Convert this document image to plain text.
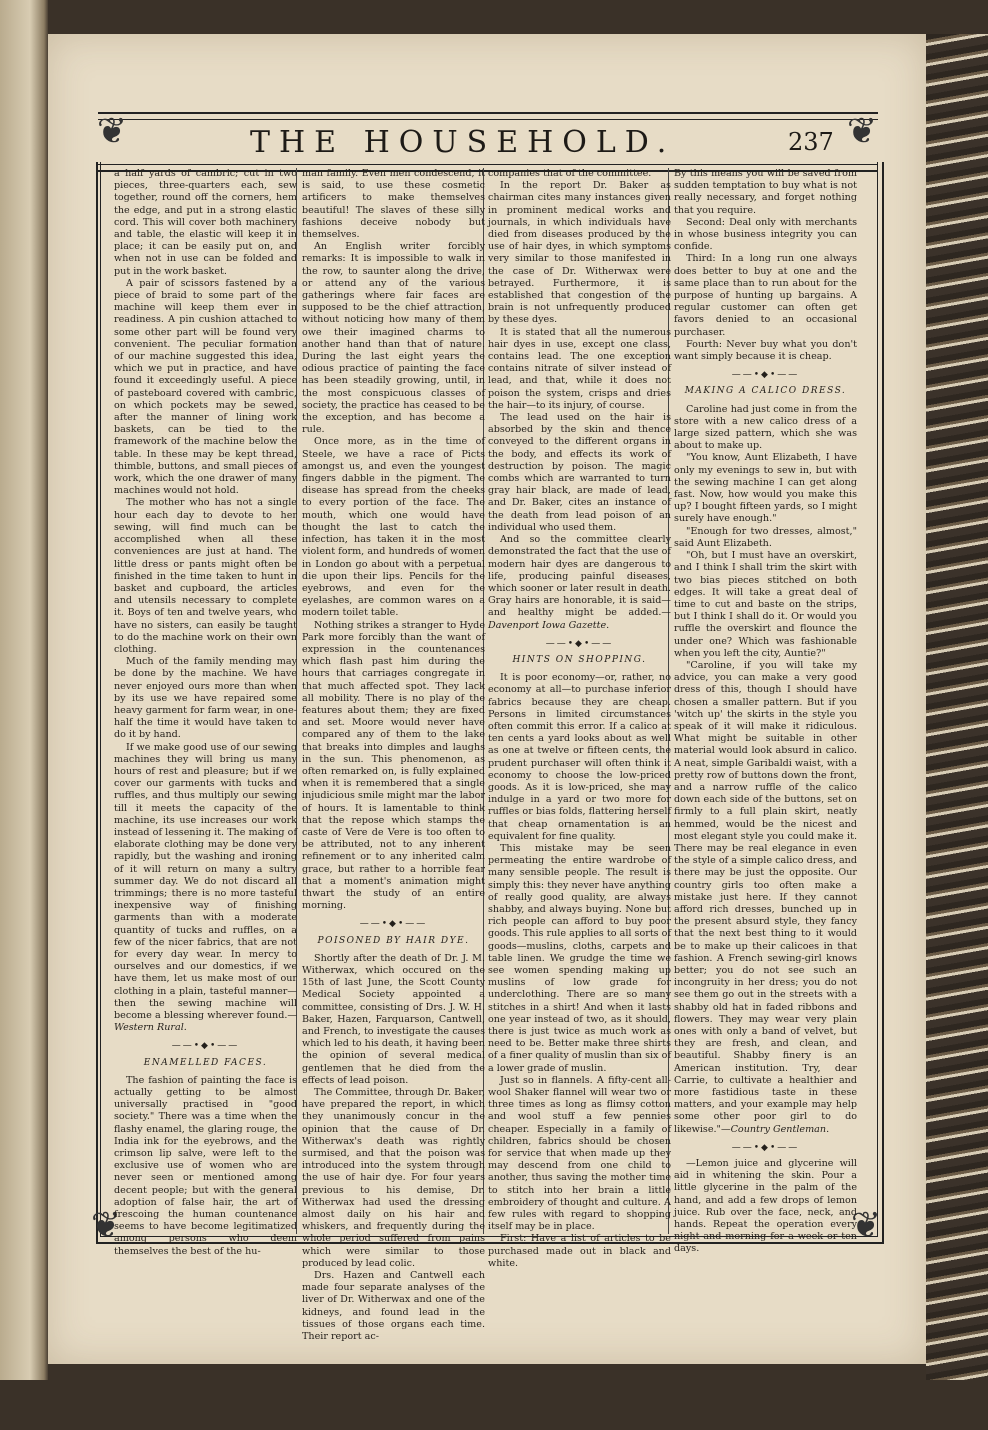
❦	❦
THE HOUSEHOLD.	237
❦	❦

a half yards of cambric; cut in two pieces, three-quarters each, sew together, round off the corners, hem the edge, and put in a strong elastic cord. This will cover both machinery and table, the elastic will keep it in place; it can be easily put on, and when not in use can be folded and put in the work basket.

A pair of scissors fastened by a piece of braid to some part of the machine will keep them ever in readiness. A pin cushion attached to some other part will be found very convenient. The peculiar formation of our machine suggested this idea, which we put in practice, and have found it exceedingly useful. A piece of pasteboard covered with cambric, on which pockets may be sewed, after the manner of lining work baskets, can be tied to the framework of the machine below the table. In these may be kept thread, thimble, buttons, and small pieces of work, which the one drawer of many machines would not hold.

The mother who has not a single hour each day to devote to her sewing, will find much can be accomplished when all these conveniences are just at hand. The little dress or pants might often be finished in the time taken to hunt in basket and cupboard, the articles and utensils necessary to complete it. Boys of ten and twelve years, who have no sisters, can easily be taught to do the machine work on their own clothing.

Much of the family mending may be done by the machine. We have never enjoyed ours more than when by its use we have repaired some heavy garment for farm wear, in one-half the time it would have taken to do it by hand.

If we make good use of our sewing machines they will bring us many hours of rest and pleasure; but if we cover our garments with tucks and ruffles, and thus multiply our sewing till it meets the capacity of the machine, its use increases our work instead of lessening it. The making of elaborate clothing may be done very rapidly, but the washing and ironing of it will return on many a sultry summer day. We do not discard all trimmings; there is no more tasteful inexpensive way of finishing garments than with a moderate quantity of tucks and ruffles, on a few of the nicer fabrics, that are not for every day wear. In mercy to ourselves and our domestics, if we have them, let us make most of our clothing in a plain, tasteful manner—then the sewing machine will become a blessing wherever found.—Western Rural.

——•◆•——
ENAMELLED FACES.

The fashion of painting the face is actually getting to be almost universally practised in "good society." There was a time when the flashy enamel, the glaring rouge, the India ink for the eyebrows, and the crimson lip salve, were left to the exclusive use of women who are never seen or mentioned among decent people; but with the general adoption of false hair, the art of frescoing the human countenance seems to have become legitimatized among persons who deem themselves the best of the hu-

man family. Even men condescend, it is said, to use these cosmetic artificers to make themselves beautiful! The slaves of these silly fashions deceive nobody but themselves.

An English writer forcibly remarks: It is impossible to walk in the row, to saunter along the drive, or attend any of the various gatherings where fair faces are supposed to be the chief attraction, without noticing how many of them owe their imagined charms to another hand than that of nature. During the last eight years the odious practice of painting the face has been steadily growing, until, in the most conspicuous classes of society, the practice has ceased to be the exception, and has become a rule.

Once more, as in the time of Steele, we have a race of Picts amongst us, and even the youngest fingers dabble in the pigment. The disease has spread from the cheeks to every portion of the face. The mouth, which one would have thought the last to catch the infection, has taken it in the most violent form, and hundreds of women in London go about with a perpetual die upon their lips. Pencils for the eyebrows, and even for the eyelashes, are common wares on a modern toilet table.

Nothing strikes a stranger to Hyde Park more forcibly than the want of expression in the countenances which flash past him during the hours that carriages congregate in that much affected spot. They lack all mobility. There is no play of the features about them; they are fixed and set. Moore would never have compared any of them to the lake that breaks into dimples and laughs in the sun. This phenomenon, as often remarked on, is fully explained when it is remembered that a single injudicious smile might mar the labor of hours. It is lamentable to think that the repose which stamps the caste of Vere de Vere is too often to be attributed, not to any inherent refinement or to any inherited calm grace, but rather to a horrible fear that a moment's animation might thwart the study of an entire morning.

——•◆•——
POISONED BY HAIR DYE.

Shortly after the death of Dr. J. M. Witherwax, which occured on the 15th of last June, the Scott County Medical Society appointed a committee, consisting of Drs. J. W. H. Baker, Hazen, Farquarson, Cantwell, and French, to investigate the causes which led to his death, it having been the opinion of several medical gentlemen that he died from the effects of lead poison.

The Committee, through Dr. Baker, have prepared the report, in which they unanimously concur in the opinion that the cause of Dr. Witherwax's death was rightly surmised, and that the poison was introduced into the system through the use of hair dye. For four years previous to his demise, Dr. Witherwax had used the dressing almost daily on his hair and whiskers, and frequently during the whole period suffered from pains which were similar to those produced by lead colic.

Drs. Hazen and Cantwell each made four separate analyses of the liver of Dr. Witherwax and one of the kidneys, and found lead in the tissues of those organs each time. Their report ac-

companies that of the committee.

In the report Dr. Baker as chairman cites many instances given in prominent medical works and journals, in which individuals have died from diseases produced by the use of hair dyes, in which symptoms very similar to those manifested in the case of Dr. Witherwax were betrayed. Furthermore, it is established that congestion of the brain is not unfrequently produced by these dyes.

It is stated that all the numerous hair dyes in use, except one class, contains lead. The one exception contains nitrate of silver instead of lead, and that, while it does not poison the system, crisps and dries the hair—to its injury, of course.

The lead used on the hair is absorbed by the skin and thence conveyed to the different organs in the body, and effects its work of destruction by poison. The magic combs which are warranted to turn gray hair black, are made of lead, and Dr. Baker, cites an instance of the death from lead poison of an individual who used them.

And so the committee clearly demonstrated the fact that the use of modern hair dyes are dangerous to life, producing painful diseases, which sooner or later result in death. Gray hairs are honorable, it is said—and healthy might be added.—Davenport Iowa Gazette.

——•◆•——
HINTS ON SHOPPING.

It is poor economy—or, rather, no economy at all—to purchase inferior fabrics because they are cheap. Persons in limited circumstances often commit this error. If a calico at ten cents a yard looks about as well as one at twelve or fifteen cents, the prudent purchaser will often think it economy to choose the low-priced goods. As it is low-priced, she may indulge in a yard or two more for ruffles or bias folds, flattering herself that cheap ornamentation is an equivalent for fine quality.

This mistake may be seen permeating the entire wardrobe of many sensible people. The result is simply this: they never have anything of really good quality, are always shabby, and always buying. None but rich people can afford to buy poor goods. This rule applies to all sorts of goods—muslins, cloths, carpets and table linen. We grudge the time we see women spending making up muslins of low grade for underclothing. There are so many stitches in a shirt! And when it lasts one year instead of two, as it should, there is just twice as much work as need to be. Better make three shirts of a finer quality of muslin than six of a lower grade of muslin.

Just so in flannels. A fifty-cent all-wool Shaker flannel will wear two or three times as long as flimsy cotton and wool stuff a few pennies cheaper. Especially in a family of children, fabrics should be chosen for service that when made up they may descend from one child to another, thus saving the mother time to stitch into her brain a little embroidery of thought and culture. A few rules with regard to shopping itself may be in place.

First: Have a list of articles to be purchased made out in black and white.

By this means you will be saved from sudden temptation to buy what is not really necessary, and forget nothing that you require.

Second: Deal only with merchants in whose business integrity you can confide.

Third: In a long run one always does better to buy at one and the same place than to run about for the purpose of hunting up bargains. A regular customer can often get favors denied to an occasional purchaser.

Fourth: Never buy what you don't want simply because it is cheap.

——•◆•——
MAKING A CALICO DRESS.

Caroline had just come in from the store with a new calico dress of a large sized pattern, which she was about to make up.

"You know, Aunt Elizabeth, I have only my evenings to sew in, but with the sewing machine I can get along fast. Now, how would you make this up? I bought fifteen yards, so I might surely have enough."

"Enough for two dresses, almost," said Aunt Elizabeth.

"Oh, but I must have an overskirt, and I think I shall trim the skirt with two bias pieces stitched on both edges. It will take a great deal of time to cut and baste on the strips, but I think I shall do it. Or would you ruffle the overskirt and flounce the under one? Which was fashionable when you left the city, Auntie?"

"Caroline, if you will take my advice, you can make a very good dress of this, though I should have chosen a smaller pattern. But if you 'witch up' the skirts in the style you speak of it will make it ridiculous. What might be suitable in other material would look absurd in calico. A neat, simple Garibaldi waist, with a pretty row of buttons down the front, and a narrow ruffle of the calico down each side of the buttons, set on firmly to a full plain skirt, neatly hemmed, would be the nicest and most elegant style you could make it. There may be real elegance in even the style of a simple calico dress, and there may be just the opposite. Our country girls too often make a mistake just here. If they cannot afford rich dresses, bunched up in the present absurd style, they fancy that the next best thing to it would be to make up their calicoes in that fashion. A French sewing-girl knows better; you do not see such an incongruity in her dress; you do not see them go out in the streets with a shabby old hat in faded ribbons and flowers. They may wear very plain ones with only a band of velvet, but they are fresh, and clean, and beautiful. Shabby finery is an American institution. Try, dear Carrie, to cultivate a healthier and more fastidious taste in these matters, and your example may help some other poor girl to do likewise."—Country Gentleman.

——•◆•——

—Lemon juice and glycerine will aid in whitening the skin. Pour a little glycerine in the palm of the hand, and add a few drops of lemon juice. Rub over the face, neck, and hands. Repeat the operation every night and morning for a week or ten days.
